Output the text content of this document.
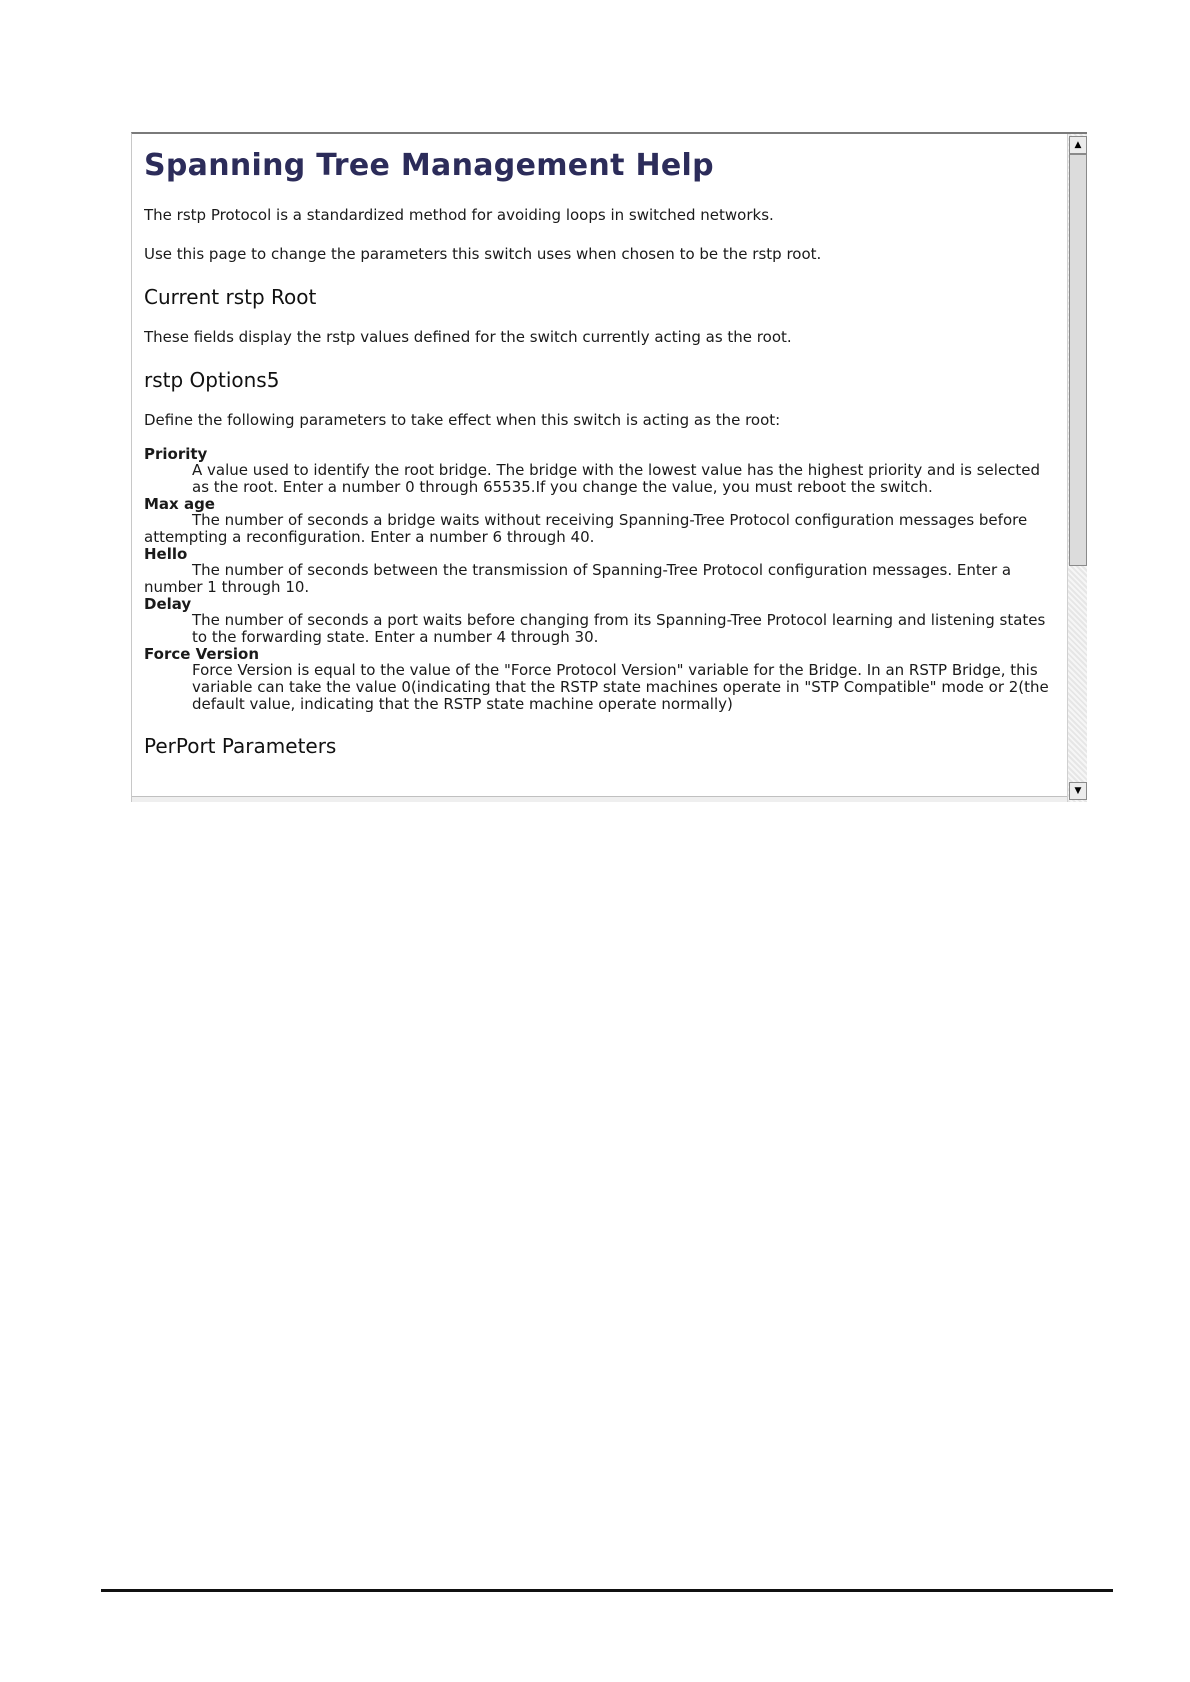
Spanning Tree Management Help
The rstp Protocol is a standardized method for avoiding loops in switched networks.
Use this page to change the parameters this switch uses when chosen to be the rstp root.
Current rstp Root
These fields display the rstp values defined for the switch currently acting as the root.
rstp Options5
Define the following parameters to take effect when this switch is acting as the root:
Priority
A value used to identify the root bridge. The bridge with the lowest value has the highest priority and is selected as the root. Enter a number 0 through 65535.If you change the value, you must reboot the switch.
Max age
The number of seconds a bridge waits without receiving Spanning-Tree Protocol configuration messages before attempting a reconfiguration. Enter a number 6 through 40.
Hello
The number of seconds between the transmission of Spanning-Tree Protocol configuration messages. Enter a number 1 through 10.
Delay
The number of seconds a port waits before changing from its Spanning-Tree Protocol learning and listening states to the forwarding state. Enter a number 4 through 30.
Force Version
Force Version is equal to the value of the "Force Protocol Version" variable for the Bridge. In an RSTP Bridge, this variable can take the value 0(indicating that the RSTP state machines operate in "STP Compatible" mode or 2(the default value, indicating that the RSTP state machine operate normally)
PerPort Parameters
▲
▼
